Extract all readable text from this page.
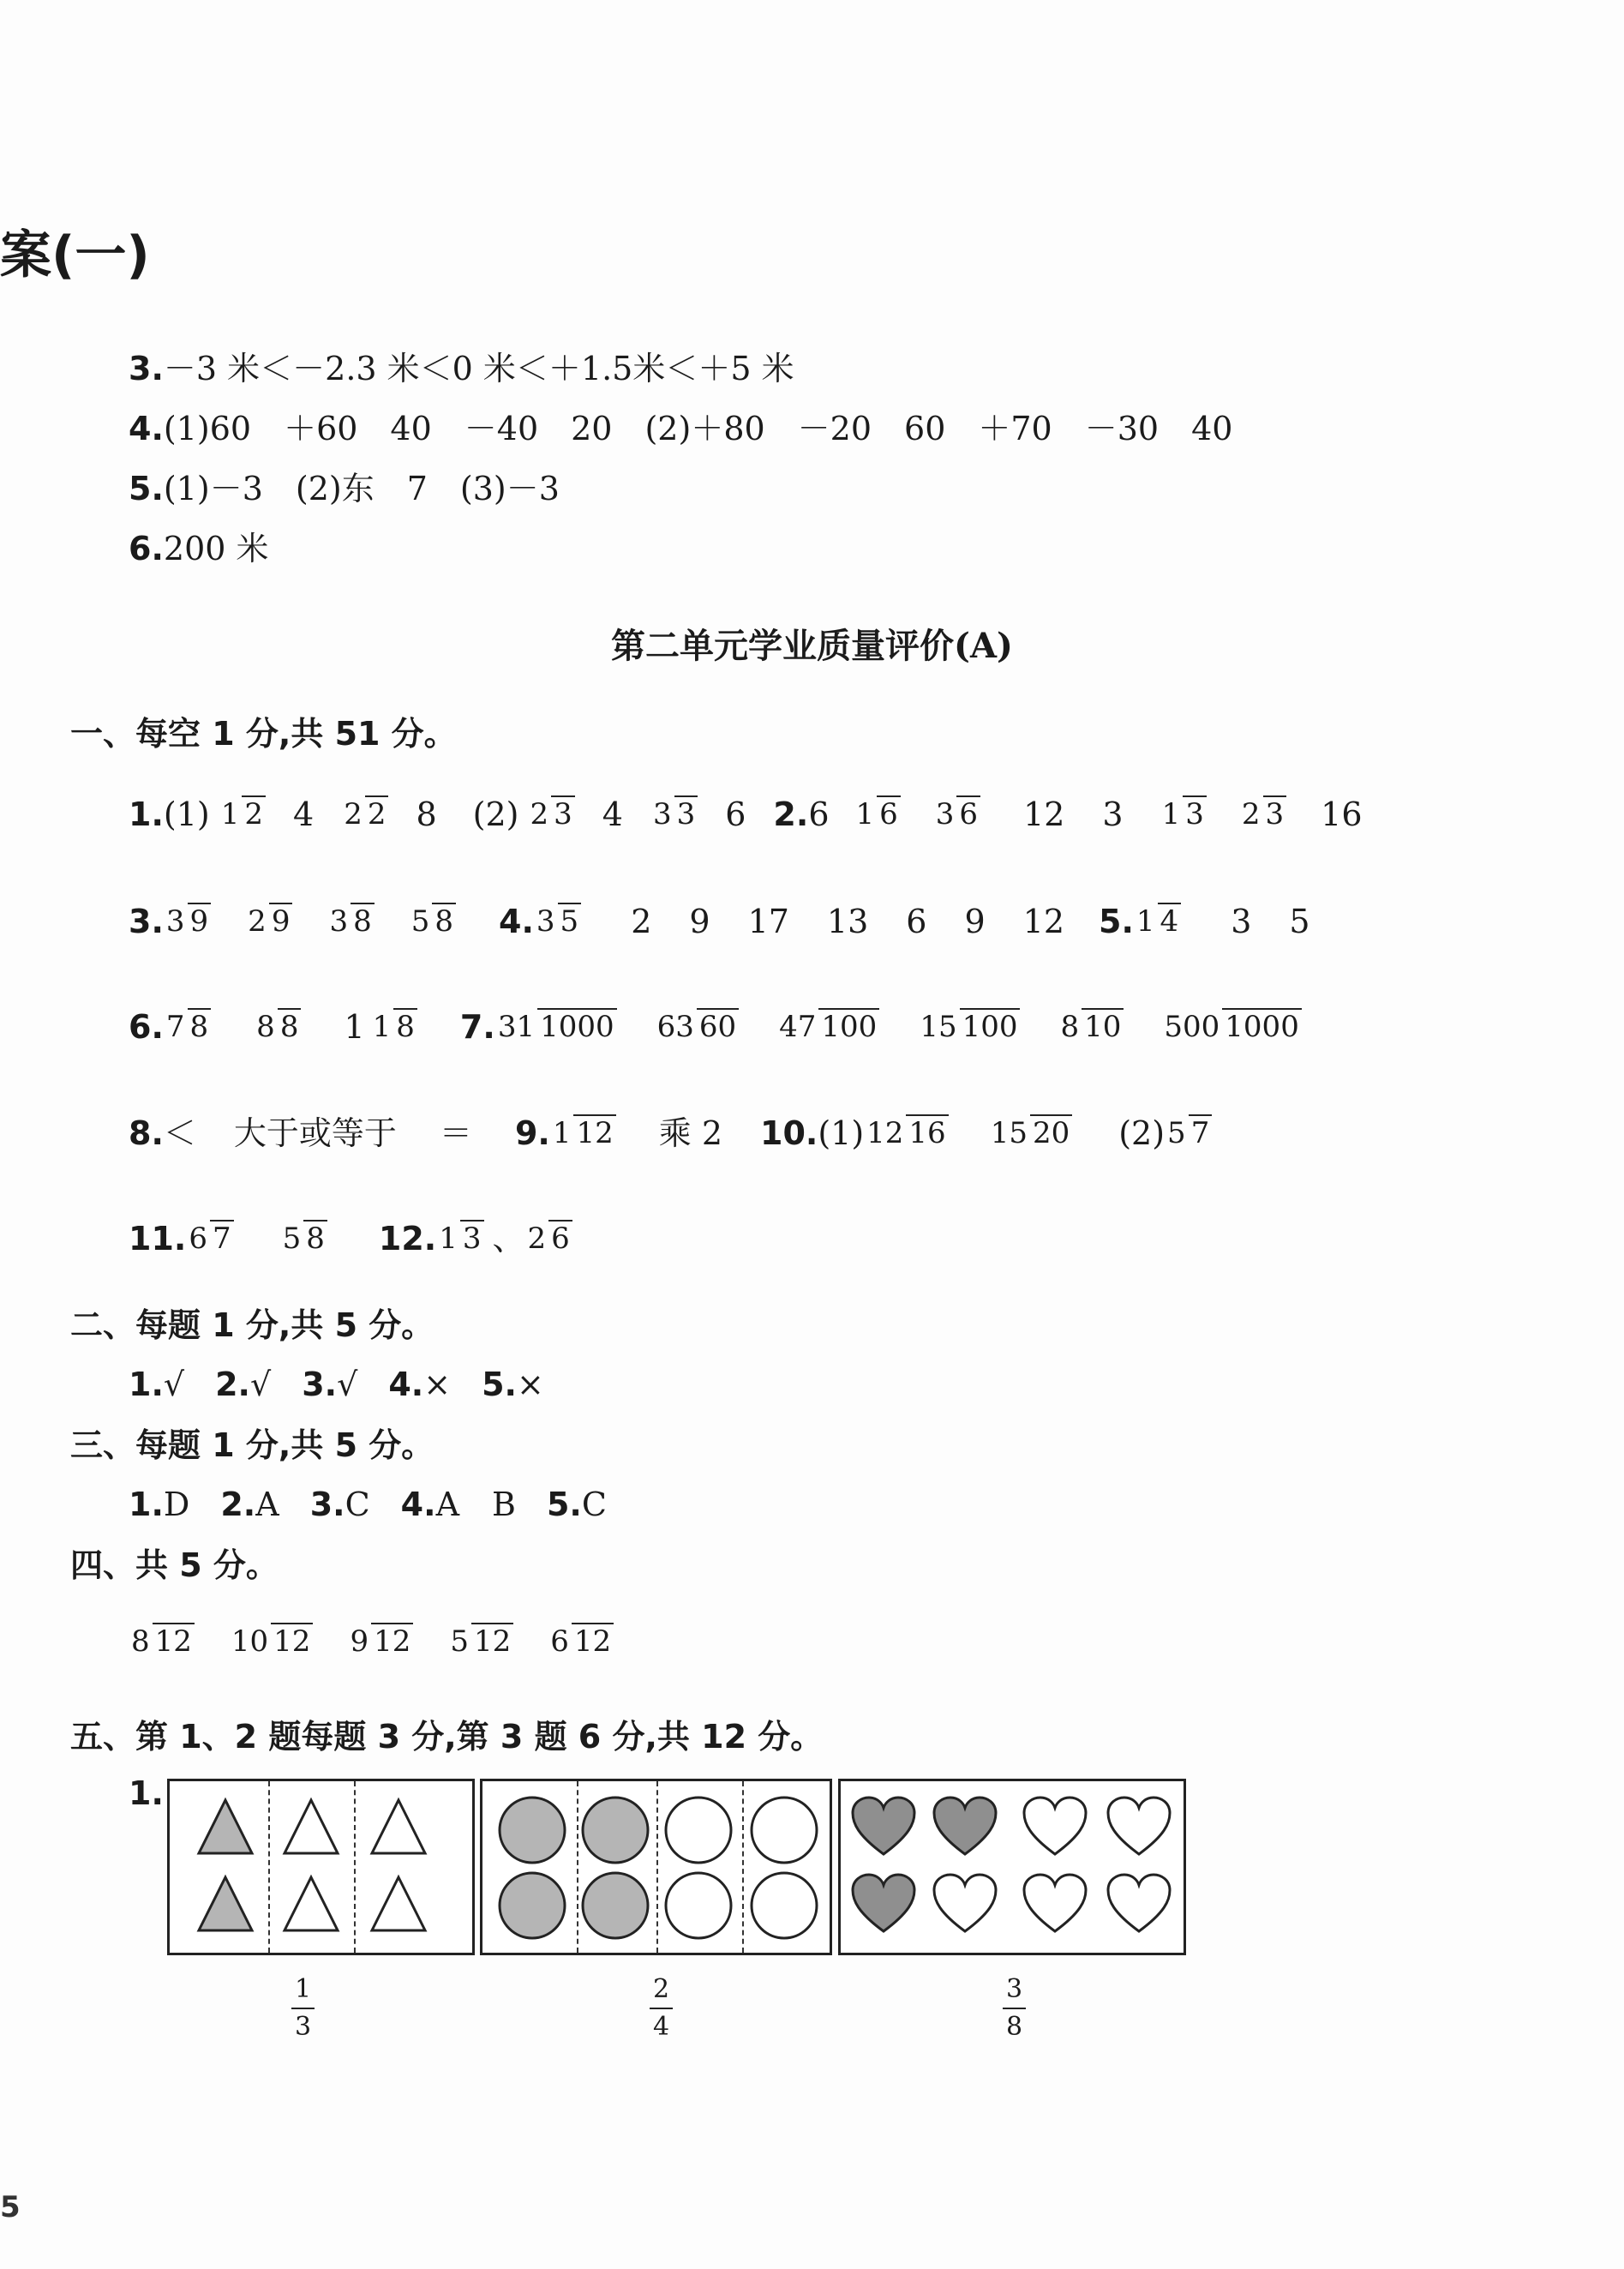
案(一)
3. －3 米＜－2.3 米＜0 米＜＋1.5米＜＋5 米
4. (1)60　＋60　40　－40　20　(2)＋80　－20　60　＋70　－30　40
5. (1)－3　(2)东　7　(3)－3
6. 200 米
第二单元学业质量评价(A)
一、每空 1 分,共 51 分。
1. (1) 1 2 4 2 2 8 (2) 2 3 4 3 3 6 2. 6 1 6 3 6 12 3 1 3 2 3 16
3. 3 9 2 9 3 8 5 8 4. 3 5 2 9 17 13 6 9 12 5. 1 4 3 5
6. 7 8 8 8 1 1 8 7. 31 1000 63 60 47 100 15 100 8 10 500 1000
8. ＜ 大于或等于 ＝ 9. 1 12 乘 2 10. (1) 12 16 15 20 (2) 5 7
11. 6 7 5 8 12. 1 3 、 2 6
二、每题 1 分,共 5 分。
1. √ 2. √ 3. √ 4. × 5. ×
三、每题 1 分,共 5 分。
1. D 2. A 3. C 4. A　B 5. C
四、共 5 分。
8 12 10 12 9 12 5 12 6 12
五、第 1、2 题每题 3 分,第 3 题 6 分,共 12 分。
1.
$\frac{1}{3}$	$\frac{2}{4}$	$\frac{3}{8}$
5
